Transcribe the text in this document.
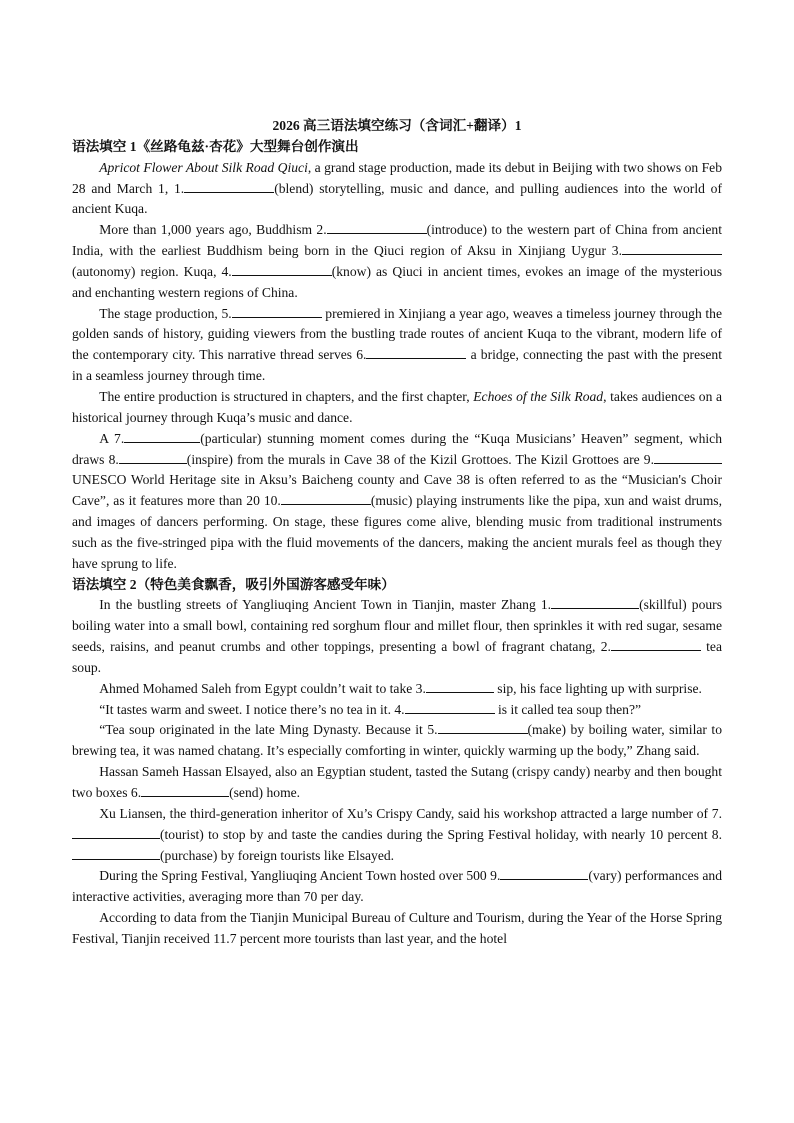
2026 高三语法填空练习（含词汇+翻译）1
语法填空 1《丝路龟兹·杏花》大型舞台创作演出

Apricot Flower About Silk Road Qiuci, a grand stage production, made its debut in Beijing with two shows on Feb 28 and March 1, 1.	(blend) storytelling, music and dance, and pulling audiences into the world of ancient Kuqa.

More than 1,000 years ago, Buddhism 2.	(introduce) to the western part of China from ancient India, with the earliest Buddhism being born in the Qiuci region of Aksu in Xinjiang Uygur 3.(autonomy) region. Kuqa, 4.	(know) as Qiuci in ancient times, evokes an image of the mysterious and enchanting western regions of China.

The stage production, 5.	premiered in Xinjiang a year ago, weaves a timeless journey through the golden sands of history, guiding viewers from the bustling trade routes of ancient Kuqa to the vibrant, modern life of the contemporary city. This narrative thread serves 6.	a bridge, connecting the past with the present in a seamless journey through time.

The entire production is structured in chapters, and the first chapter, Echoes of the Silk Road, takes audiences on a historical journey through Kuqa’s music and dance.

A 7.	(particular) stunning moment comes during the “Kuqa Musicians’ Heaven” segment, which draws 8.	(inspire) from the murals in Cave 38 of the Kizil Grottoes. The Kizil Grottoes are 9. UNESCO World Heritage site in Aksu’s Baicheng county and Cave 38 is often referred to as the “Musician's Choir Cave”, as it features more than 20 10.	(music) playing instruments like the pipa, xun and waist drums, and images of dancers performing. On stage, these figures come alive, blending music from traditional instruments such as the five-stringed pipa with the fluid movements of the dancers, making the ancient murals feel as though they have sprung to life.

语法填空 2（特色美食飘香，吸引外国游客感受年味）

In the bustling streets of Yangliuqing Ancient Town in Tianjin, master Zhang 1.	(skillful) pours boiling water into a small bowl, containing red sorghum flour and millet flour, then sprinkles it with red sugar, sesame seeds, raisins, and peanut crumbs and other toppings, presenting a bowl of fragrant chatang, 2.	tea soup.

Ahmed Mohamed Saleh from Egypt couldn’t wait to take 3.	sip, his face lighting up with surprise.

“It tastes warm and sweet. I notice there’s no tea in it. 4.	is it called tea soup then?”

“Tea soup originated in the late Ming Dynasty. Because it 5.	(make) by boiling water, similar to brewing tea, it was named chatang. It’s especially comforting in winter, quickly warming up the body,” Zhang said.

Hassan Sameh Hassan Elsayed, also an Egyptian student, tasted the Sutang (crispy candy) nearby and then bought two boxes 6.	(send) home.

Xu Liansen, the third-generation inheritor of Xu’s Crispy Candy, said his workshop attracted a large number of 7.(tourist) to stop by and taste the candies during the Spring Festival holiday, with nearly 10 percent 8.(purchase) by foreign tourists like Elsayed.

During the Spring Festival, Yangliuqing Ancient Town hosted over 500 9.	(vary) performances and interactive activities, averaging more than 70 per day.

According to data from the Tianjin Municipal Bureau of Culture and Tourism, during the Year of the Horse Spring Festival, Tianjin received 11.7 percent more tourists than last year, and the hotel
